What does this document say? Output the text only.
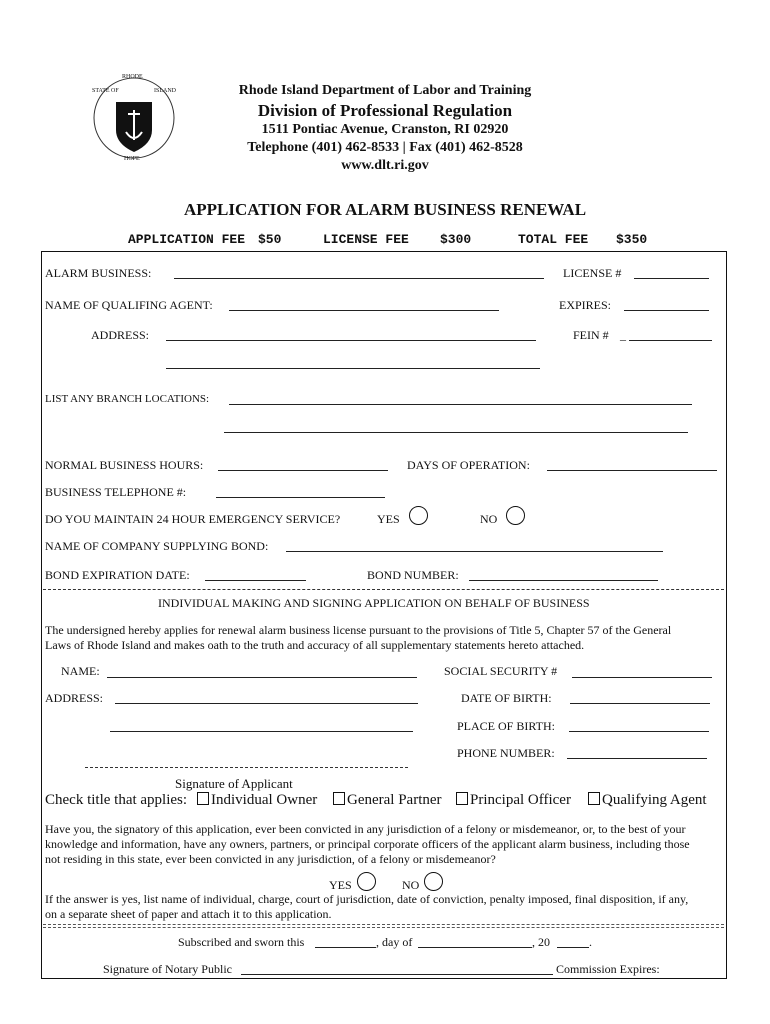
RHODE
STATE OF	ISLAND
HOPE
Rhode Island Department of Labor and Training
Division of Professional Regulation
1511 Pontiac Avenue, Cranston, RI 02920
Telephone (401) 462-8533 | Fax (401) 462-8528
www.dlt.ri.gov
APPLICATION FOR ALARM BUSINESS RENEWAL
APPLICATION FEE $50	LICENSE FEE $300	TOTAL FEE $350
ALARM BUSINESS:	LICENSE #
NAME OF QUALIFING AGENT:	EXPIRES:
ADDRESS:	FEIN # _
LIST ANY BRANCH LOCATIONS:
NORMAL BUSINESS HOURS:	DAYS OF OPERATION:
BUSINESS TELEPHONE #:
DO YOU MAINTAIN 24 HOUR EMERGENCY SERVICE?	YES	NO
NAME OF COMPANY SUPPLYING BOND:
BOND EXPIRATION DATE:	BOND NUMBER:
INDIVIDUAL MAKING AND SIGNING APPLICATION ON BEHALF OF BUSINESS
The undersigned hereby applies for renewal alarm business license pursuant to the provisions of Title 5, Chapter 57 of the General
Laws of Rhode Island and makes oath to the truth and accuracy of all supplementary statements hereto attached.
NAME:	SOCIAL SECURITY #
ADDRESS:	DATE OF BIRTH:
PLACE OF BIRTH:
PHONE NUMBER:
Signature of Applicant
Check title that applies:	Individual Owner	General Partner	Principal Officer	Qualifying Agent
Have you, the signatory of this application, ever been convicted in any jurisdiction of a felony or misdemeanor, or, to the best of your
knowledge and information, have any owners, partners, or principal corporate officers of the applicant alarm business, including those
not residing in this state, ever been convicted in any jurisdiction, of a felony or misdemeanor?
YES	NO
If the answer is yes, list name of individual, charge, court of jurisdiction, date of conviction, penalty imposed, final disposition, if any,
on a separate sheet of paper and attach it to this application.
Subscribed and sworn this	, day of	, 20	.
Signature of Notary Public	Commission Expires:
